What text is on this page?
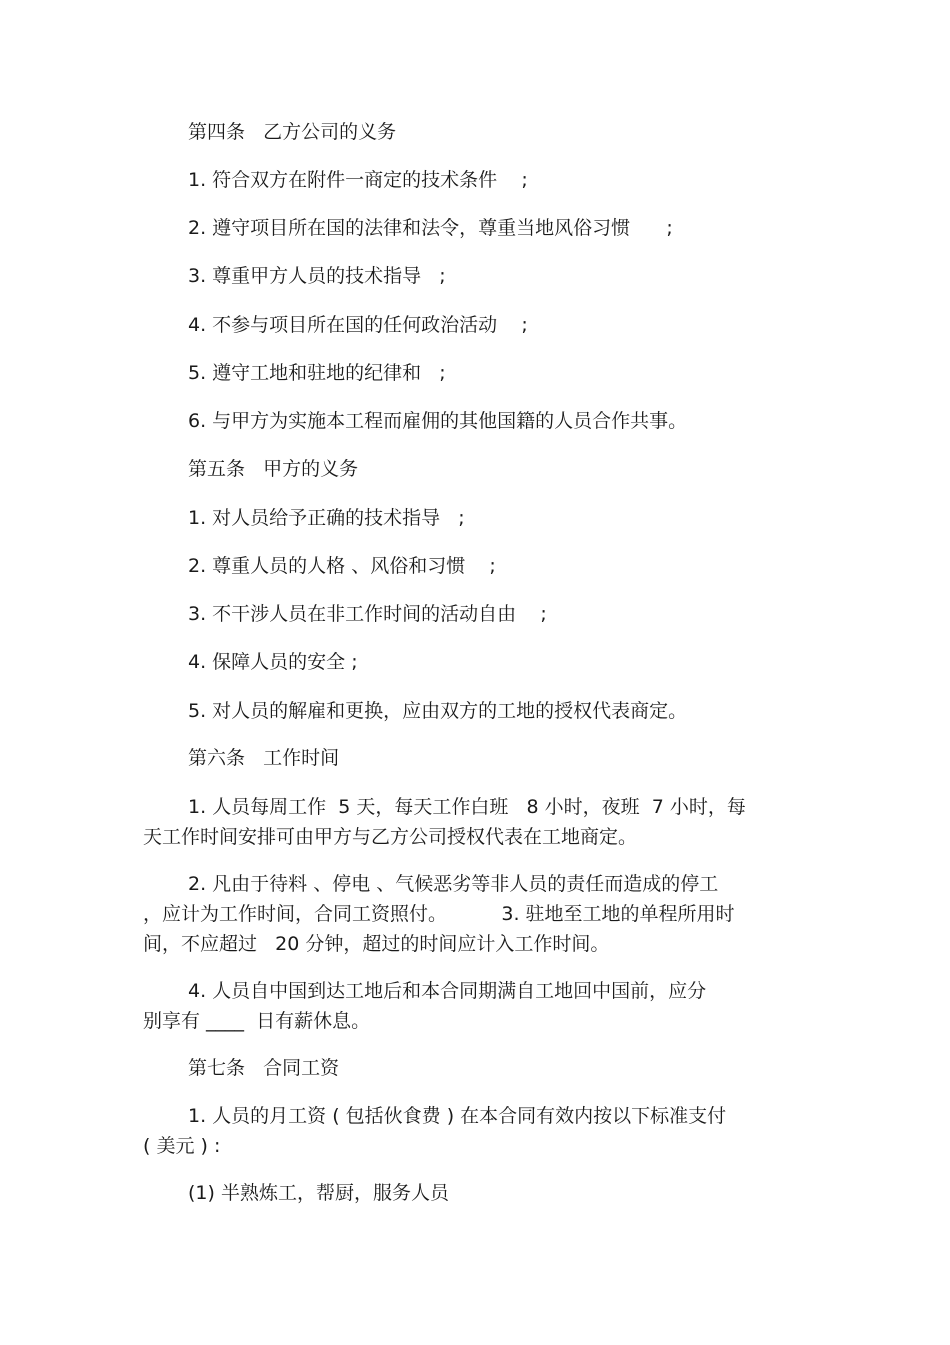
第四条   乙方公司的义务
1. 符合双方在附件一商定的技术条件    ;
2. 遵守项目所在国的法律和法令，尊重当地风俗习惯      ;
3. 尊重甲方人员的技术指导   ;
4. 不参与项目所在国的任何政治活动    ;
5. 遵守工地和驻地的纪律和   ;
6. 与甲方为实施本工程而雇佣的其他国籍的人员合作共事。
第五条   甲方的义务
1. 对人员给予正确的技术指导   ;
2. 尊重人员的人格 、风俗和习惯    ;
3. 不干涉人员在非工作时间的活动自由    ;
4. 保障人员的安全 ;
5. 对人员的解雇和更换，应由双方的工地的授权代表商定。
第六条   工作时间
1. 人员每周工作  5 天，每天工作白班   8 小时，夜班  7 小时，每
天工作时间安排可由甲方与乙方公司授权代表在工地商定。
2. 凡由于待料 、停电 、气候恶劣等非人员的责任而造成的停工
，应计为工作时间，合同工资照付。         3. 驻地至工地的单程所用时
间，不应超过   20 分钟，超过的时间应计入工作时间。
4. 人员自中国到达工地后和本合同期满自工地回中国前，应分
别享有 ____  日有薪休息。
第七条   合同工资
1. 人员的月工资 ( 包括伙食费 ) 在本合同有效内按以下标准支付
( 美元 ) :
(1) 半熟炼工，帮厨，服务人员
